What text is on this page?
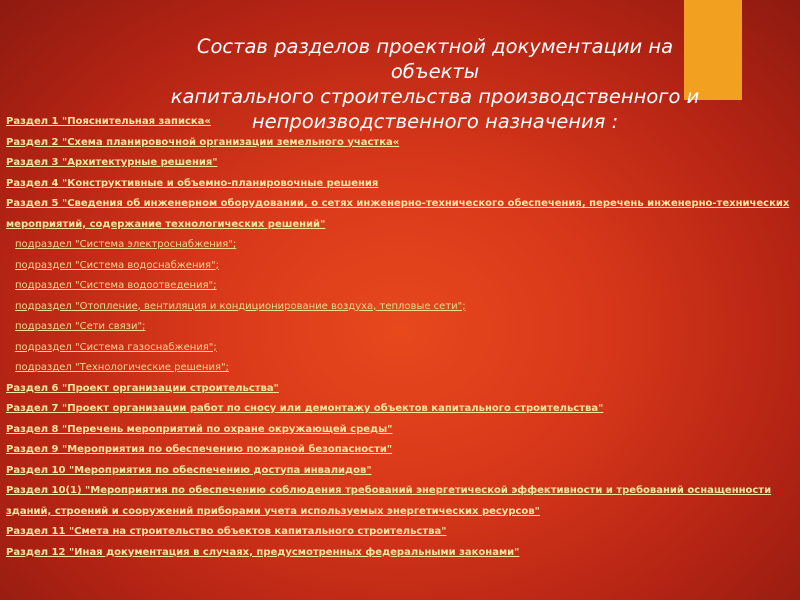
Состав разделов проектной документации на объекты
капитального строительства производственного и
непроизводственного назначения :
Раздел 1 "Пояснительная записка«
Раздел 2 "Схема планировочной организации земельного участка«
Раздел 3 "Архитектурные решения"
Раздел 4 "Конструктивные и объемно-планировочные решения
Раздел 5 "Сведения об инженерном оборудовании, о сетях инженерно-технического обеспечения, перечень инженерно-технических мероприятий, содержание технологических решений"
подраздел "Система электроснабжения";
подраздел "Система водоснабжения";
подраздел "Система водоотведения";
подраздел "Отопление, вентиляция и кондиционирование воздуха, тепловые сети";
подраздел "Сети связи";
подраздел "Система газоснабжения";
подраздел "Технологические решения";
Раздел 6 "Проект организации строительства"
Раздел 7 "Проект организации работ по сносу или демонтажу объектов капитального строительства"
Раздел 8 "Перечень мероприятий по охране окружающей среды"
Раздел 9 "Мероприятия по обеспечению пожарной безопасности"
Раздел 10 "Мероприятия по обеспечению доступа инвалидов"
Раздел 10(1) "Мероприятия по обеспечению соблюдения требований энергетической эффективности и требований оснащенности зданий, строений и сооружений приборами учета используемых энергетических ресурсов"
Раздел 11 "Смета на строительство объектов капитального строительства"
Раздел 12 "Иная документация в случаях, предусмотренных федеральными законами"
